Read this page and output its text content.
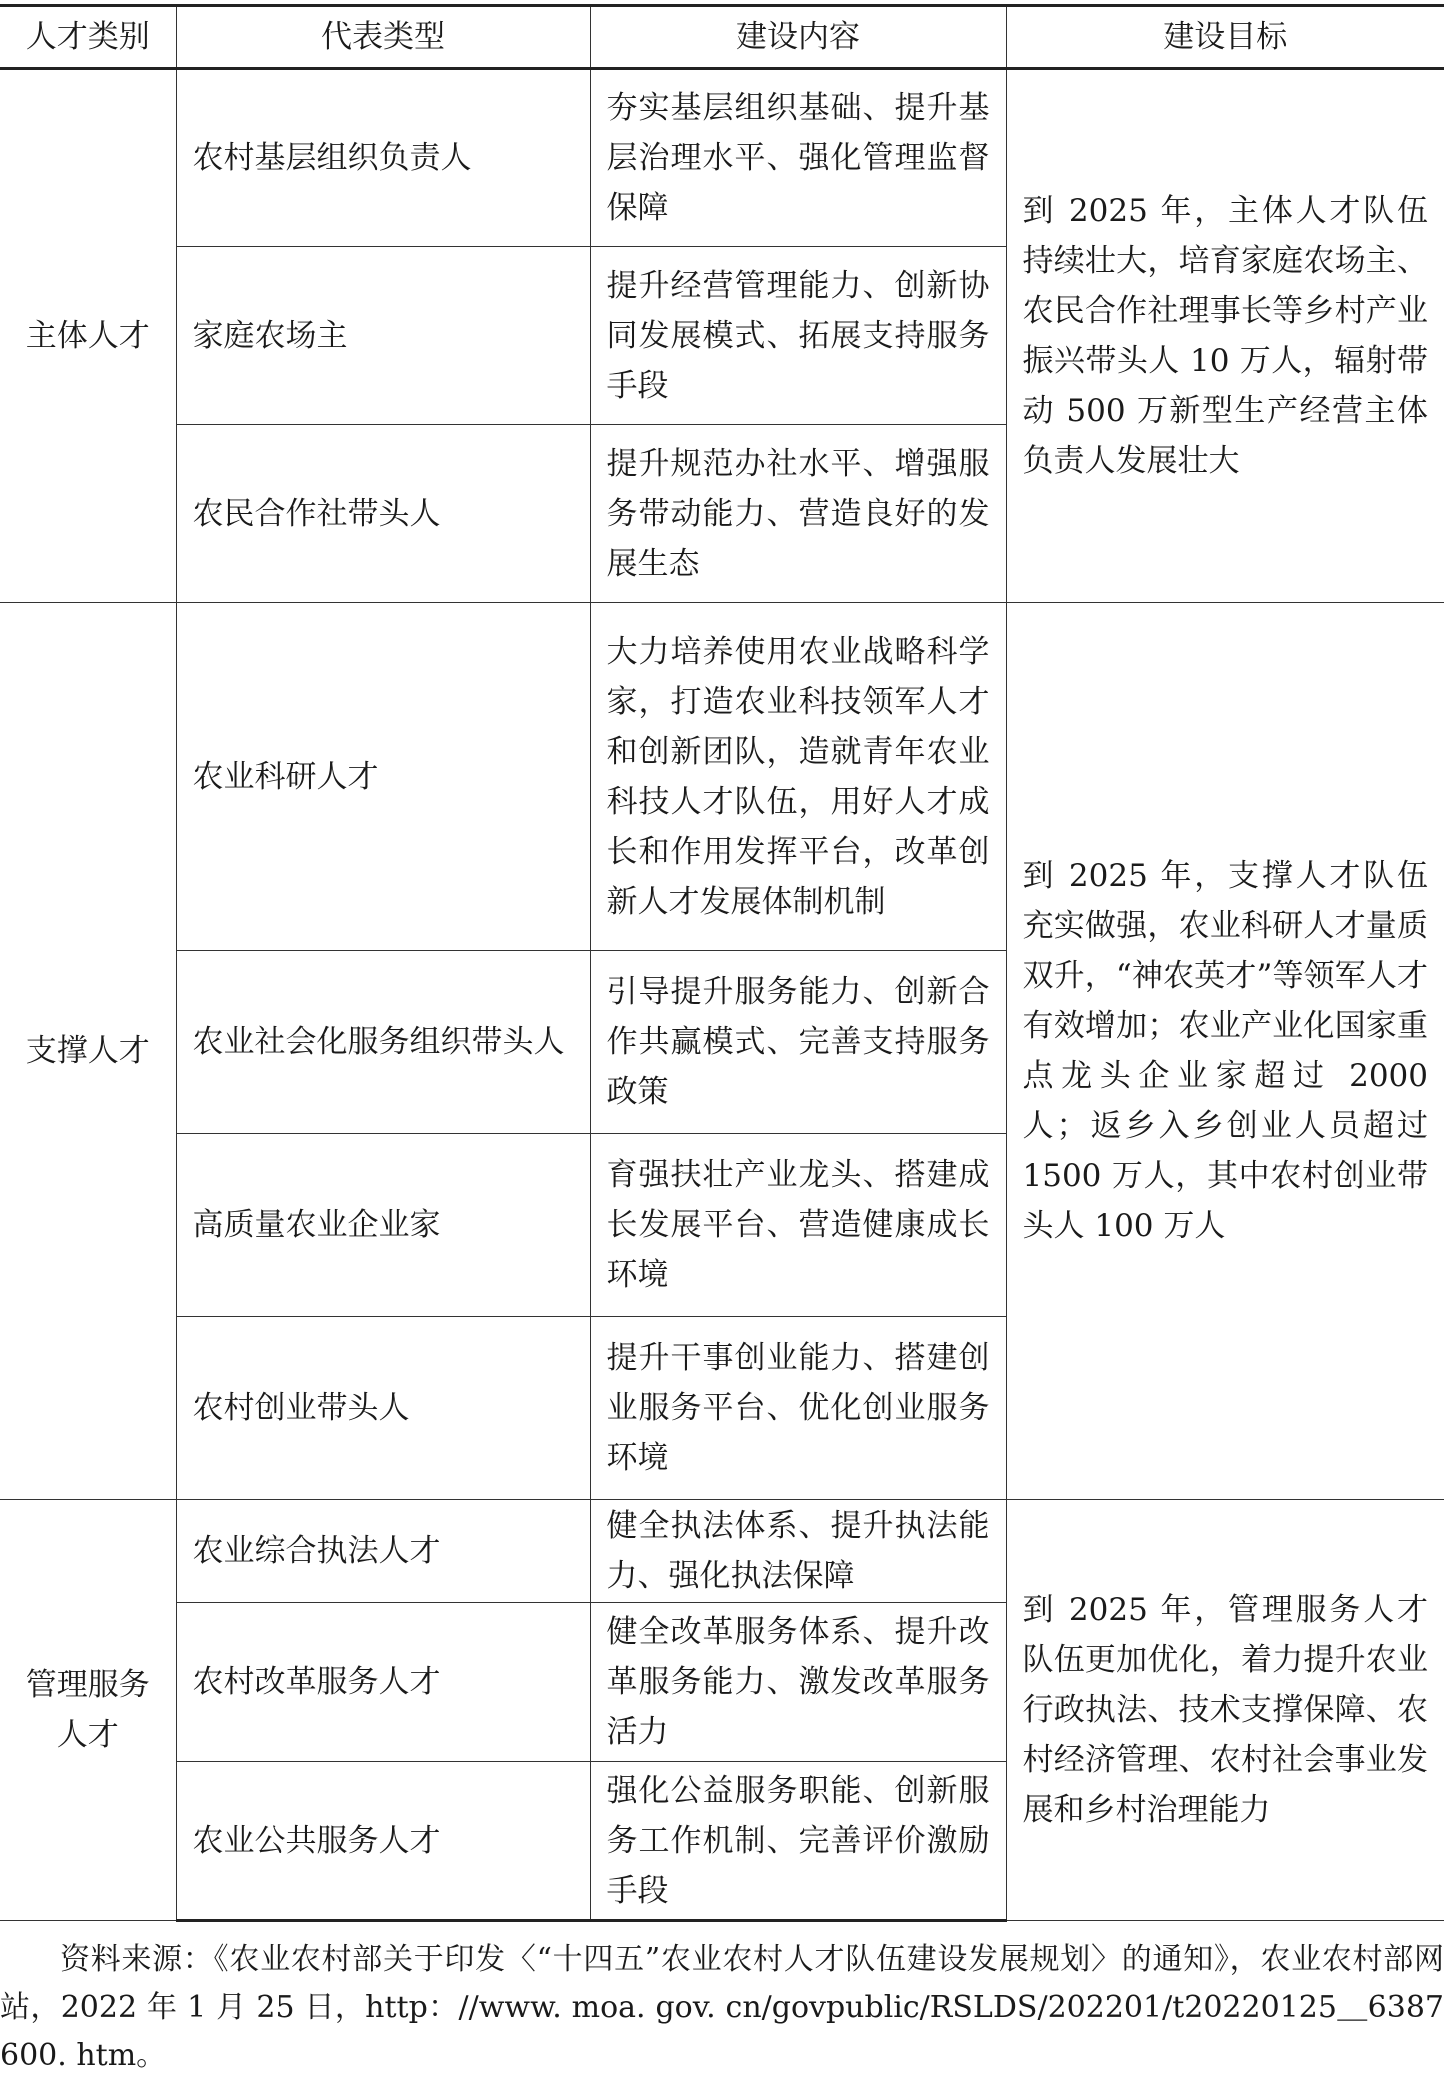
人才类别	代表类型	建设内容	建设目标
主体人才	农村基层组织负责人	夯实基层组织基础、提升基层治理水平、强化管理监督保障	到 2025 年，主体人才队伍持续壮大，培育家庭农场主、农民合作社理事长等乡村产业振兴带头人 10 万人，辐射带动 500 万新型生产经营主体负责人发展壮大
	家庭农场主	提升经营管理能力、创新协同发展模式、拓展支持服务手段	
	农民合作社带头人	提升规范办社水平、增强服务带动能力、营造良好的发展生态	
支撑人才	农业科研人才	大力培养使用农业战略科学家，打造农业科技领军人才和创新团队，造就青年农业科技人才队伍，用好人才成长和作用发挥平台，改革创新人才发展体制机制	到 2025 年，支撑人才队伍充实做强，农业科研人才量质双升，“神农英才”等领军人才有效增加；农业产业化国家重点龙头企业家超过 2000 人；返乡入乡创业人员超过 1500 万人，其中农村创业带头人 100 万人
	农业社会化服务组织带头人	引导提升服务能力、创新合作共赢模式、完善支持服务政策	
	高质量农业企业家	育强扶壮产业龙头、搭建成长发展平台、营造健康成长环境	
	农村创业带头人	提升干事创业能力、搭建创业服务平台、优化创业服务环境	
管理服务人才	农业综合执法人才	健全执法体系、提升执法能力、强化执法保障	到 2025 年，管理服务人才队伍更加优化，着力提升农业行政执法、技术支撑保障、农村经济管理、农村社会事业发展和乡村治理能力
	农村改革服务人才	健全改革服务体系、提升改革服务能力、激发改革服务活力	
	农业公共服务人才	强化公益服务职能、创新服务工作机制、完善评价激励手段	
资料来源：《农业农村部关于印发〈“十四五”农业农村人才队伍建设发展规划〉的通知》，农业农村部网站，2022 年 1 月 25 日，http：//www. moa. gov. cn/govpublic/RSLDS/202201/t20220125＿6387600. htm。
